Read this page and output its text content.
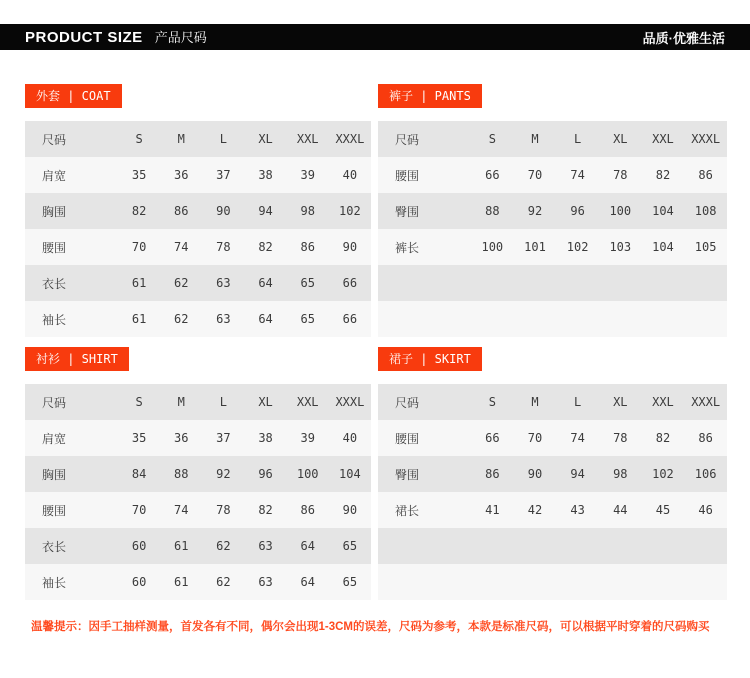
PRODUCT SIZE 产品尺码	品质·优雅生活
外套 | COAT
尺码	S	M	L	XL	XXL	XXXL
肩宽	35	36	37	38	39	40
胸围	82	86	90	94	98	102
腰围	70	74	78	82	86	90
衣长	61	62	63	64	65	66
袖长	61	62	63	64	65	66
裤子 | PANTS
尺码	S	M	L	XL	XXL	XXXL
腰围	66	70	74	78	82	86
臀围	88	92	96	100	104	108
裤长	100	101	102	103	104	105

衬衫 | SHIRT
尺码	S	M	L	XL	XXL	XXXL
肩宽	35	36	37	38	39	40
胸围	84	88	92	96	100	104
腰围	70	74	78	82	86	90
衣长	60	61	62	63	64	65
袖长	60	61	62	63	64	65
裙子 | SKIRT
尺码	S	M	L	XL	XXL	XXXL
腰围	66	70	74	78	82	86
臀围	86	90	94	98	102	106
裙长	41	42	43	44	45	46

温馨提示：因手工抽样测量，首发各有不同，偶尔会出现1-3CM的误差，尺码为参考，本款是标准尺码，可以根据平时穿着的尺码购买
